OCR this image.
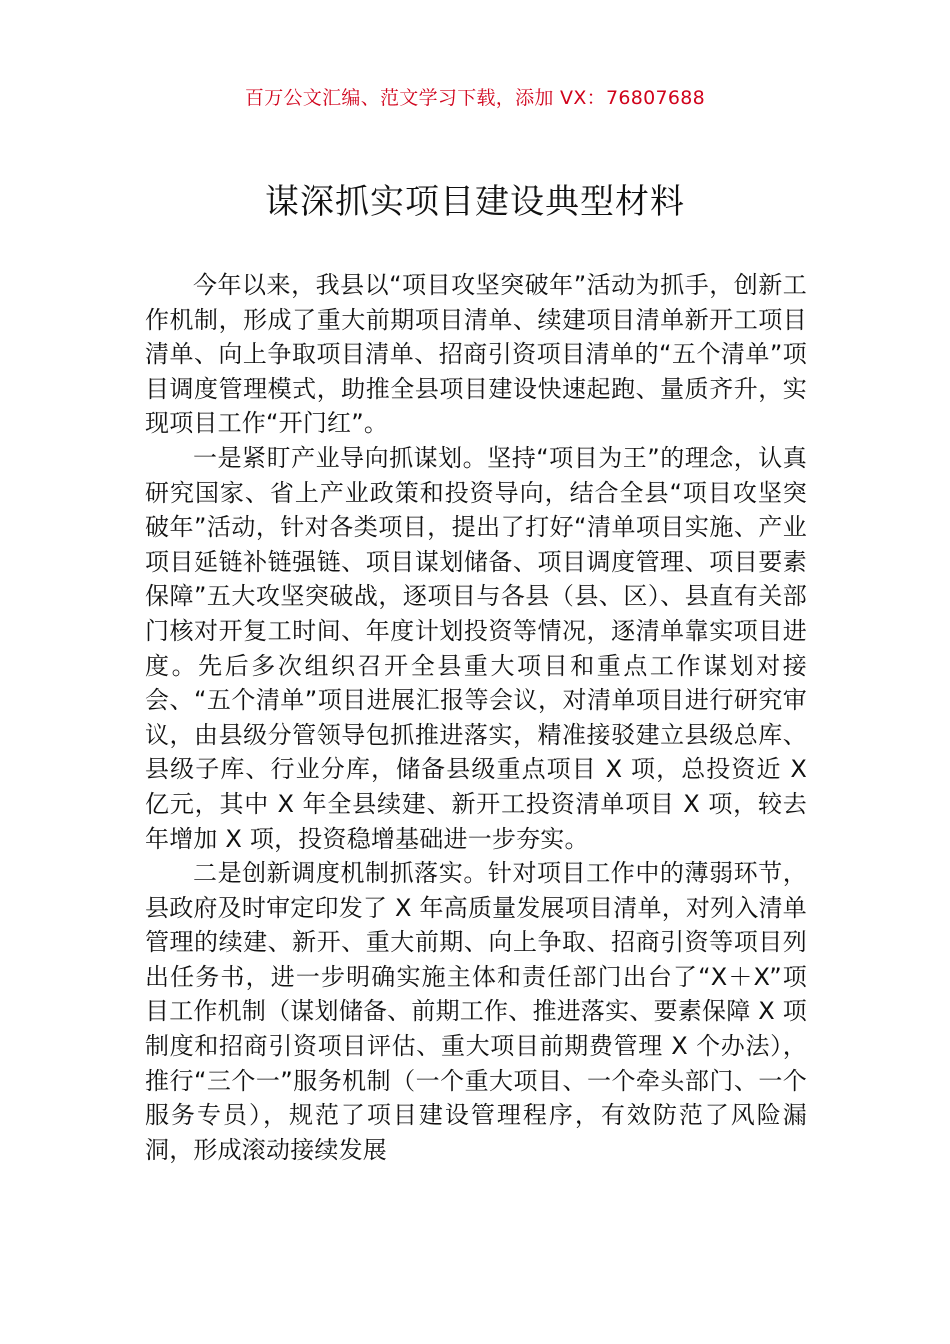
百万公文汇编、范文学习下载，添加 VX：76807688
谋深抓实项目建设典型材料

今年以来，我县以“项目攻坚突破年”活动为抓手，创新工作机制，形成了重大前期项目清单、续建项目清单新开工项目清单、向上争取项目清单、招商引资项目清单的“五个清单”项目调度管理模式，助推全县项目建设快速起跑、量质齐升，实现项目工作“开门红”。

一是紧盯产业导向抓谋划。坚持“项目为王”的理念，认真研究国家、省上产业政策和投资导向，结合全县“项目攻坚突破年”活动，针对各类项目，提出了打好“清单项目实施、产业项目延链补链强链、项目谋划储备、项目调度管理、项目要素保障”五大攻坚突破战，逐项目与各县（县、区）、县直有关部门核对开复工时间、年度计划投资等情况，逐清单靠实项目进度。先后多次组织召开全县重大项目和重点工作谋划对接会、“五个清单”项目进展汇报等会议，对清单项目进行研究审议，由县级分管领导包抓推进落实，精准接驳建立县级总库、县级子库、行业分库，储备县级重点项目 X 项，总投资近 X 亿元，其中 X 年全县续建、新开工投资清单项目 X 项，较去年增加 X 项，投资稳增基础进一步夯实。

二是创新调度机制抓落实。针对项目工作中的薄弱环节，县政府及时审定印发了 X 年高质量发展项目清单，对列入清单管理的续建、新开、重大前期、向上争取、招商引资等项目列出任务书，进一步明确实施主体和责任部门出台了“X＋X”项目工作机制（谋划储备、前期工作、推进落实、要素保障 X 项制度和招商引资项目评估、重大项目前期费管理 X 个办法），推行“三个一”服务机制（一个重大项目、一个牵头部门、一个服务专员），规范了项目建设管理程序，有效防范了风险漏洞，形成滚动接续发展
